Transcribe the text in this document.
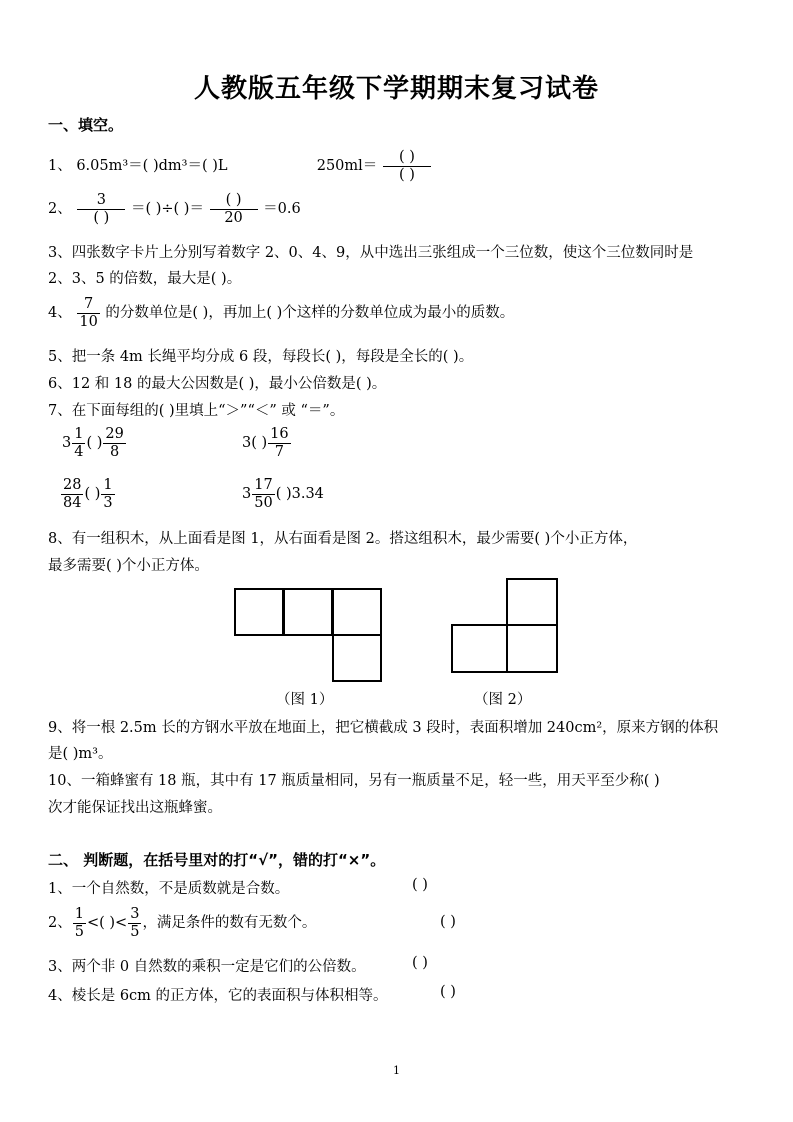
人教版五年级下学期期末复习试卷
一、填空。
1、 6.05m³＝( )dm³＝( )L	$250ml= \frac{( )}{( )}$
2、 $\frac{3}{( )}$ ＝( )÷( )＝ $\frac{( )}{20} =0.6$
3、四张数字卡片上分别写着数字 2、0、4、9，从中选出三张组成一个三位数，使这个三位数同时是
2、3、5 的倍数，最大是( )。
4、 $\frac{7}{10}$ 的分数单位是( )，再加上( )个这样的分数单位成为最小的质数。
5、把一条 4m 长绳平均分成 6 段，每段长( )，每段是全长的( )。
6、12 和 18 的最大公因数是( )，最小公倍数是( )。
7、在下面每组的( )里填上“＞”“＜” 或 “＝”。
$3 \frac{1}{4}$ ( ) $\frac{29}{8}$	3( ) $\frac{16}{7}$
$\frac{28}{84}$ ( ) $\frac{1}{3}$	$3 \frac{17}{50}$ ( )3.34
8、有一组积木，从上面看是图 1，从右面看是图 2。搭这组积木，最少需要( )个小正方体，
最多需要( )个小正方体。
（图 1）	（图 2）
9、将一根 2.5m 长的方钢水平放在地面上，把它横截成 3 段时，表面积增加 240cm²，原来方钢的体积
是( )m³。
10、一箱蜂蜜有 18 瓶，其中有 17 瓶质量相同，另有一瓶质量不足，轻一些，用天平至少称( )
次才能保证找出这瓶蜂蜜。
二、 判断题，在括号里对的打“√”，错的打“×”。
1、一个自然数，不是质数就是合数。	( )
2、 $\frac{1}{5}$ <( )< $\frac{3}{5}$ ，满足条件的数有无数个。	( )
3、两个非 0 自然数的乘积一定是它们的公倍数。	( )
4、棱长是 6cm 的正方体，它的表面积与体积相等。	( )
1
